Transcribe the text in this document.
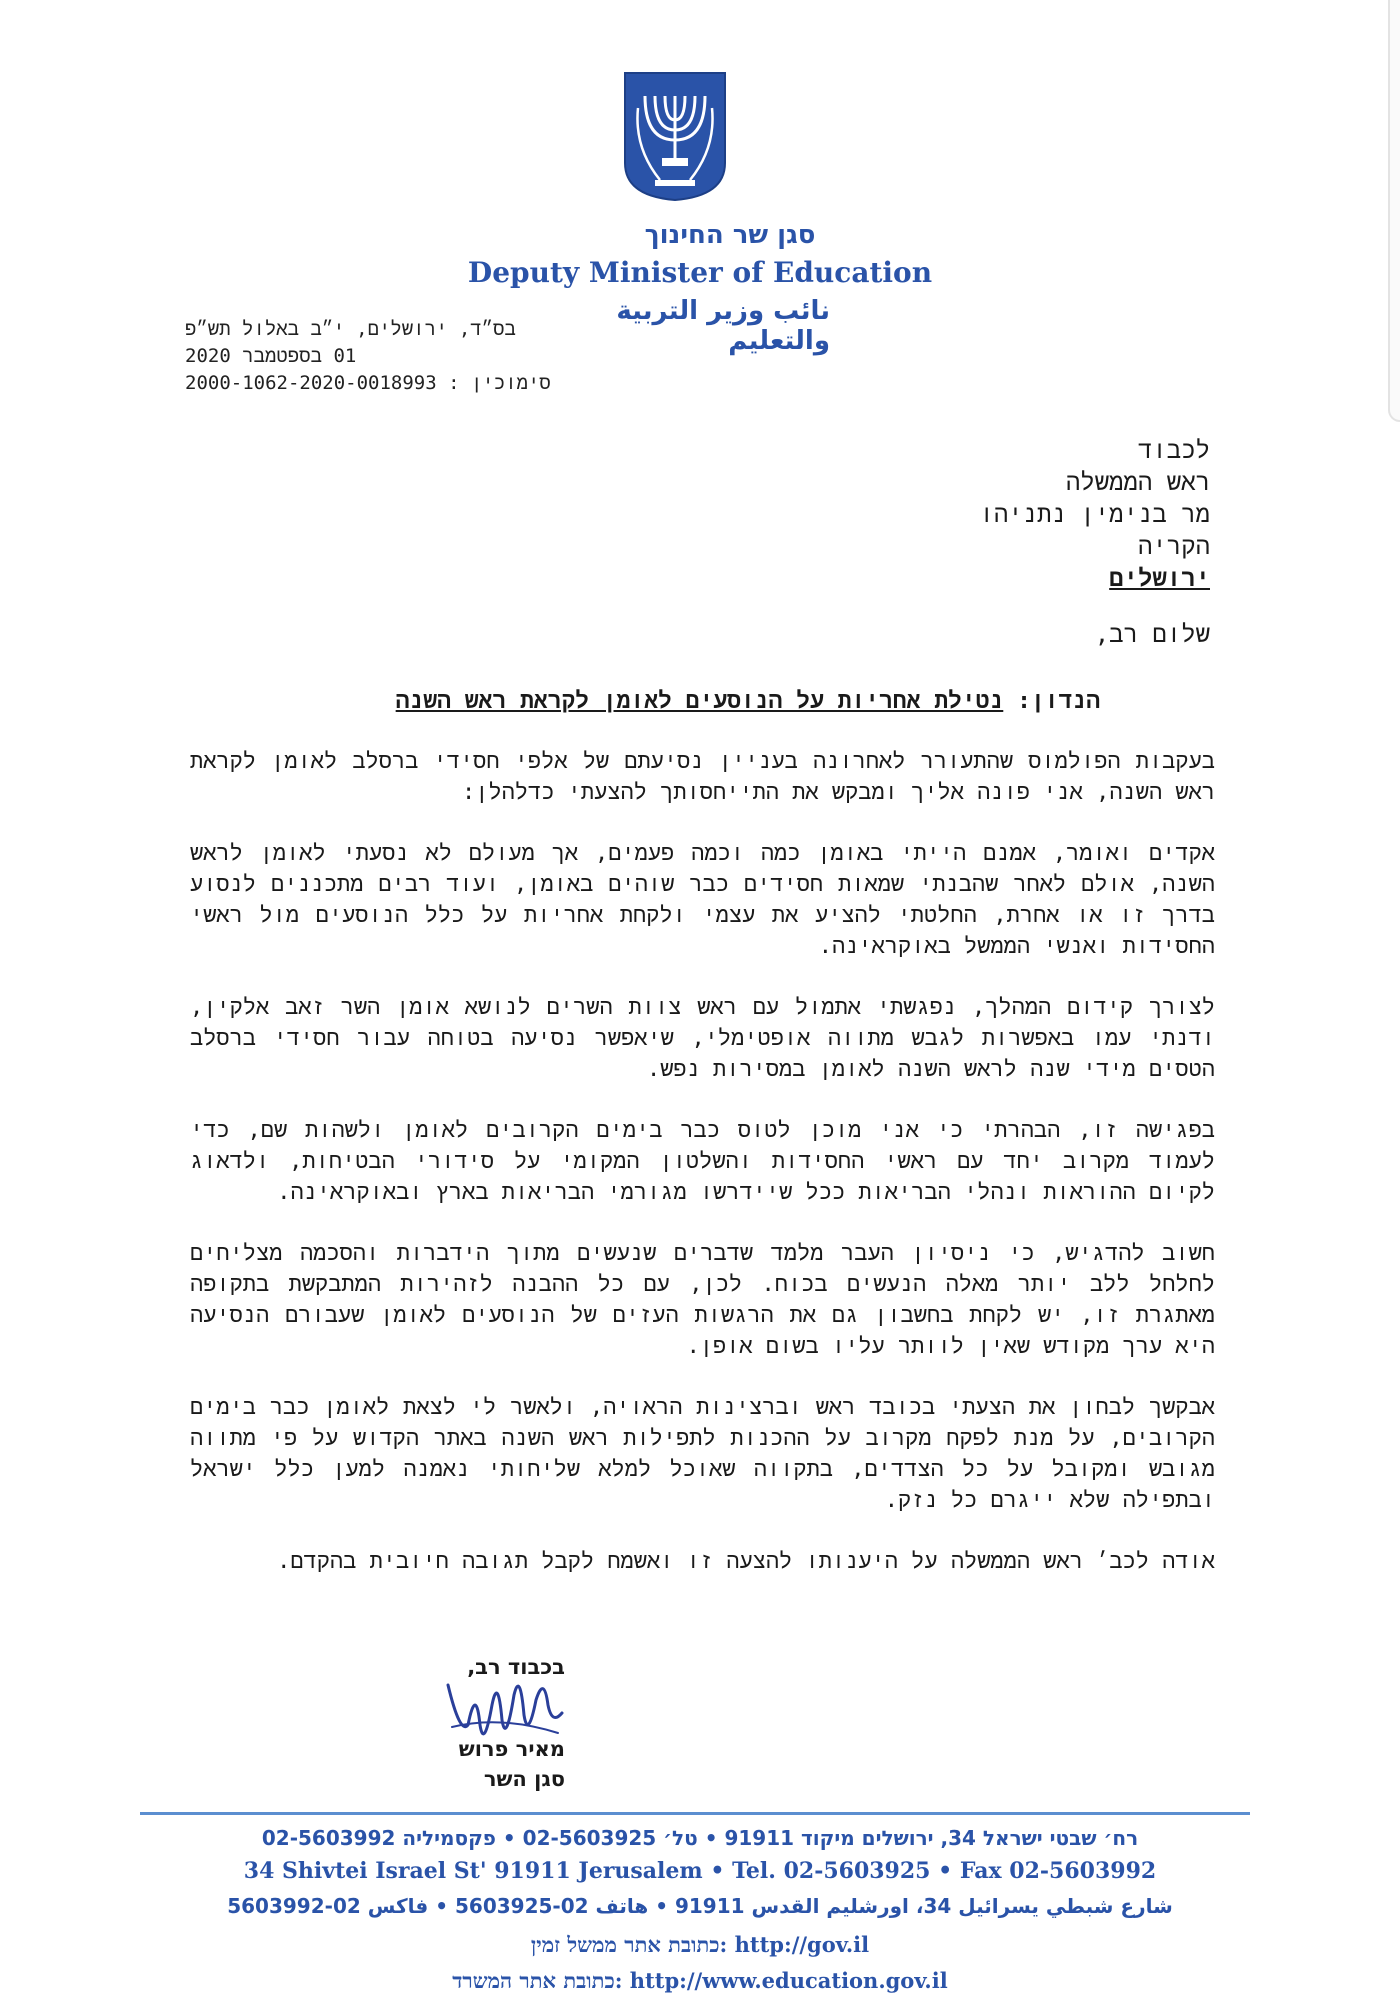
סגן שר החינוך
Deputy Minister of Education
نائب وزير التربية والتعليم
בס״ד, ירושלים, י״ב באלול תש״פ
01 בספטמבר 2020
סימוכין : 2000-1062-2020-0018993
לכבוד
ראש הממשלה
מר בנימין נתניהו
הקריה
ירושלים
שלום רב,
הנדון: נטילת אחריות על הנוסעים לאומן לקראת ראש השנה

בעקבות הפולמוס שהתעורר לאחרונה בעניין נסיעתם של אלפי חסידי ברסלב לאומן לקראת ראש השנה, אני פונה אליך ומבקש את התייחסותך להצעתי כדלהלן:

אקדים ואומר, אמנם הייתי באומן כמה וכמה פעמים, אך מעולם לא נסעתי לאומן לראש השנה, אולם לאחר שהבנתי שמאות חסידים כבר שוהים באומן, ועוד רבים מתכננים לנסוע בדרך זו או אחרת, החלטתי להציע את עצמי ולקחת אחריות על כלל הנוסעים מול ראשי החסידות ואנשי הממשל באוקראינה.

לצורך קידום המהלך, נפגשתי אתמול עם ראש צוות השרים לנושא אומן השר זאב אלקין, ודנתי עמו באפשרות לגבש מתווה אופטימלי, שיאפשר נסיעה בטוחה עבור חסידי ברסלב הטסים מידי שנה לראש השנה לאומן במסירות נפש.

בפגישה זו, הבהרתי כי אני מוכן לטוס כבר בימים הקרובים לאומן ולשהות שם, כדי לעמוד מקרוב יחד עם ראשי החסידות והשלטון המקומי על סידורי הבטיחות, ולדאוג לקיום ההוראות ונהלי הבריאות ככל שיידרשו מגורמי הבריאות בארץ ובאוקראינה.

חשוב להדגיש, כי ניסיון העבר מלמד שדברים שנעשים מתוך הידברות והסכמה מצליחים לחלחל ללב יותר מאלה הנעשים בכוח. לכן, עם כל ההבנה לזהירות המתבקשת בתקופה מאתגרת זו, יש לקחת בחשבון גם את הרגשות העזים של הנוסעים לאומן שעבורם הנסיעה היא ערך מקודש שאין לוותר עליו בשום אופן.

אבקשך לבחון את הצעתי בכובד ראש וברצינות הראויה, ולאשר לי לצאת לאומן כבר בימים הקרובים, על מנת לפקח מקרוב על ההכנות לתפילות ראש השנה באתר הקדוש על פי מתווה מגובש ומקובל על כל הצדדים, בתקווה שאוכל למלא שליחותי נאמנה למען כלל ישראל ובתפילה שלא ייגרם כל נזק.

אודה לכב׳ ראש הממשלה על היענותו להצעה זו ואשמח לקבל תגובה חיובית בהקדם.

בכבוד רב,
מאיר פרוש
סגן השר
רח׳ שבטי ישראל 34, ירושלים מיקוד 91911 • טל׳ 02-5603925 • פקסמיליה 02-5603992
34 Shivtei Israel St' 91911 Jerusalem • Tel. 02-5603925 • Fax 02-5603992
شارع شبطي يسرائيل 34، اورشليم القدس 91911 • هاتف 02-5603925 • فاكس 02-5603992
כתובת אתר ממשל זמין: http://gov.il
כתובת אתר המשרד: http://www.education.gov.il
